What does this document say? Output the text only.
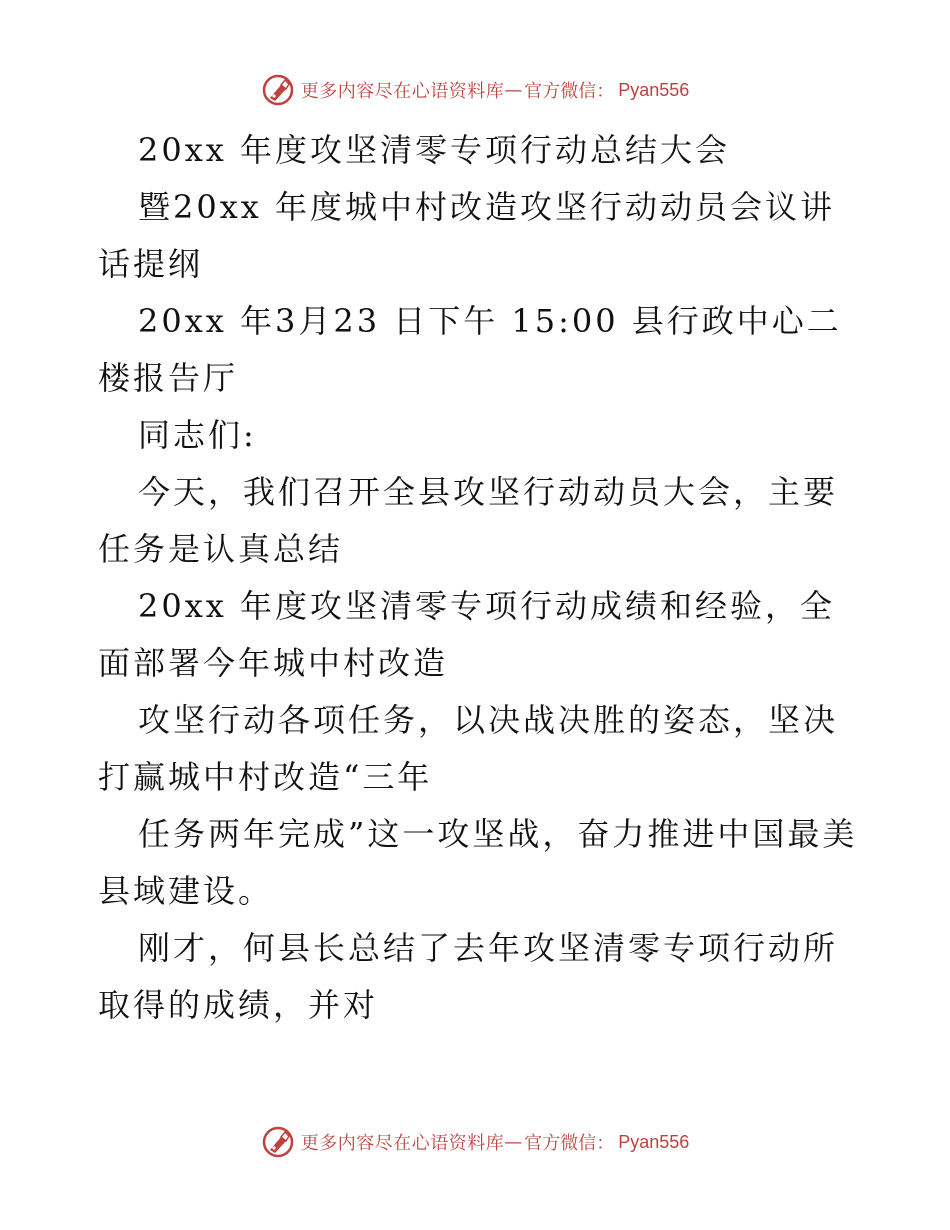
更多内容尽在心语资料库 — 官方微信： Pyan556

20xx 年度攻坚清零专项行动总结大会

暨20xx 年度城中村改造攻坚行动动员会议讲话提纲

20xx 年3月23 日下午 15:00 县行政中心二楼报告厅

同志们:

今天，我们召开全县攻坚行动动员大会，主要任务是认真总结

20xx 年度攻坚清零专项行动成绩和经验，全面部署今年城中村改造

攻坚行动各项任务，以决战决胜的姿态，坚决打赢城中村改造“三年

任务两年完成”这一攻坚战，奋力推进中国最美县域建设。

刚才，何县长总结了去年攻坚清零专项行动所取得的成绩，并对

更多内容尽在心语资料库 — 官方微信： Pyan556
